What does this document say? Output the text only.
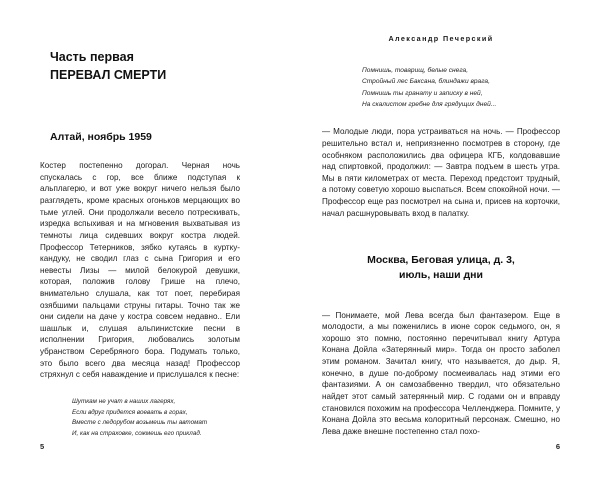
Часть первая
ПЕРЕВАЛ СМЕРТИ
Алтай, ноябрь 1959

Костер постепенно догорал. Черная ночь спускалась с гор, все ближе подступая к альплагерю, и вот уже вокруг ничего нельзя было разглядеть, кроме красных огоньков мерцающих во тьме углей. Они продолжали весело потрескивать, изредка вспыхивая и на мгновения выхватывая из темноты лица сидевших вокруг костра людей. Профессор Тетерников, зябко кутаясь в куртку-кандуку, не сводил глаз с сына Григория и его невесты Лизы — милой белокурой девушки, которая, положив голову Грише на плечо, внимательно слушала, как тот поет, перебирая озябшими пальцами струны гитары. Точно так же они сидели на даче у костра совсем недавно.. Ели шашлык и, слушая альпинистские песни в исполнении Григория, любовались золотым убранством Серебряного бора. Подумать только, это было всего два месяца назад! Профессор стряхнул с себя наваждение и прислушался к песне:

Шуткам не учат в наших лагерях,
Если вдруг придется воевать в горах,
Вместе с ледорубом возьмешь ты автомат
И, как на страховке, сожмешь его приклад.
5
Александр Печерский
Помнишь, товарищ, белые снега,
Стройный лес Баксана, блиндажи врага,
Помнишь ты гранату и записку в ней,
На скалистом гребне для грядущих дней...

— Молодые люди, пора устраиваться на ночь. — Профессор решительно встал и, неприязненно посмотрев в сторону, где особняком расположились два офицера КГБ, колдовавшие над спиртовкой, продолжил: — Завтра подъем в шесть утра. Мы в пяти километрах от места. Переход предстоит трудный, а потому советую хорошо выспаться. Всем спокойной ночи. — Профессор еще раз посмотрел на сына и, присев на корточки, начал расшнуровывать вход в палатку.

Москва, Беговая улица, д. 3,
июль, наши дни

— Понимаете, мой Лева всегда был фантазером. Еще в молодости, а мы поженились в июне сорок седьмого, он, я хорошо это помню, постоянно перечитывал книгу Артура Конана Дойла «Затерянный мир». Тогда он просто заболел этим романом. Зачитал книгу, что называется, до дыр. Я, конечно, в душе по-доброму посмеивалась над этими его фантазиями. А он самозабвенно твердил, что обязательно найдет этот самый затерянный мир. С годами он и вправду становился похожим на профессора Челленджера. Помните, у Конана Дойла это весьма колоритный персонаж. Смешно, но Лева даже внешне постепенно стал похо-

6
